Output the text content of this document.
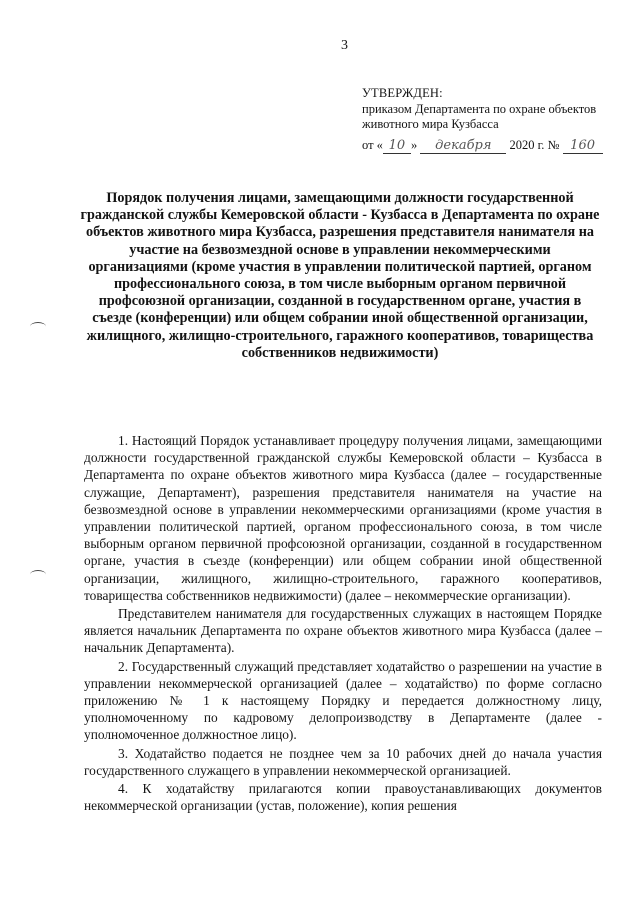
3
УТВЕРЖДЕН:
приказом Департамента по охране объектов
животного мира Кузбасса
от « 10 » декабря 2020 г. № 160
Порядок получения лицами, замещающими должности государственной гражданской службы Кемеровской области - Кузбасса в Департамента по охране объектов животного мира Кузбасса, разрешения представителя нанимателя на участие на безвозмездной основе в управлении некоммерческими организациями (кроме участия в управлении политической партией, органом профессионального союза, в том числе выборным органом первичной профсоюзной организации, созданной в государственном органе, участия в съезде (конференции) или общем собрании иной общественной организации, жилищного, жилищно-строительного, гаражного кооперативов, товарищества собственников недвижимости)

1. Настоящий Порядок устанавливает процедуру получения лицами, замещающими должности государственной гражданской службы Кемеровской области – Кузбасса в Департамента по охране объектов животного мира Кузбасса (далее – государственные служащие, Департамент), разрешения представителя нанимателя на участие на безвозмездной основе в управлении некоммерческими организациями (кроме участия в управлении политической партией, органом профессионального союза, в том числе выборным органом первичной профсоюзной организации, созданной в государственном органе, участия в съезде (конференции) или общем собрании иной общественной организации, жилищного, жилищно-строительного, гаражного кооперативов, товарищества собственников недвижимости) (далее – некоммерческие организации).

Представителем нанимателя для государственных служащих в настоящем Порядке является начальник Департамента по охране объектов животного мира Кузбасса (далее – начальник Департамента).

2. Государственный служащий представляет ходатайство о разрешении на участие в управлении некоммерческой организацией (далее – ходатайство) по форме согласно приложению № 1 к настоящему Порядку и передается должностному лицу, уполномоченному по кадровому делопроизводству в Департаменте (далее - уполномоченное должностное лицо).

3. Ходатайство подается не позднее чем за 10 рабочих дней до начала участия государственного служащего в управлении некоммерческой организацией.

4. К ходатайству прилагаются копии правоустанавливающих документов некоммерческой организации (устав, положение), копия решения
